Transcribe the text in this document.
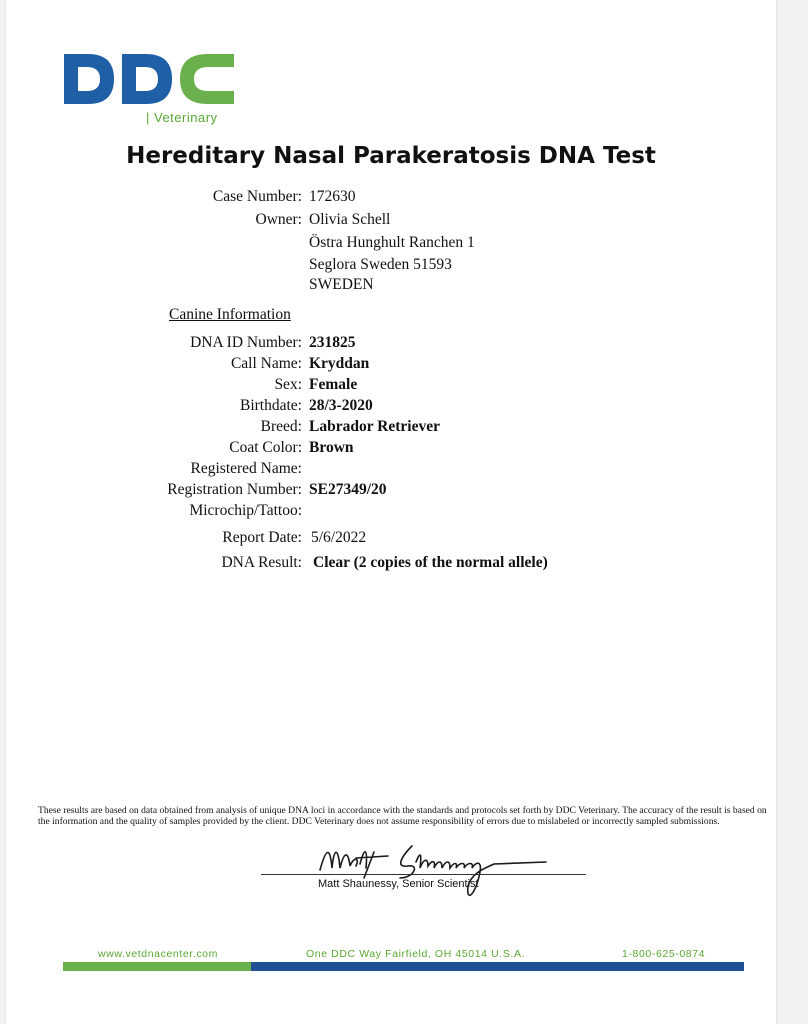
| Veterinary
Hereditary Nasal Parakeratosis DNA Test
Case Number: 172630
Owner: Olivia Schell
Östra Hunghult Ranchen 1
Seglora Sweden 51593
SWEDEN
Canine Information
DNA ID Number: 231825
Call Name: Kryddan
Sex: Female
Birthdate: 28/3-2020
Breed: Labrador Retriever
Coat Color: Brown
Registered Name:
Registration Number: SE27349/20
Microchip/Tattoo:
Report Date: 5/6/2022
DNA Result: Clear (2 copies of the normal allele)
These results are based on data obtained from analysis of unique DNA loci in accordance with the standards and protocols set forth by DDC Veterinary. The accuracy of the result is based on the information and the quality of samples provided by the client. DDC Veterinary does not assume responsibility of errors due to mislabeled or incorrectly sampled submissions.
Matt Shaunessy, Senior Scientist
www.vetdnacenter.com	One DDC Way Fairfield, OH 45014 U.S.A.	1-800-625-0874
